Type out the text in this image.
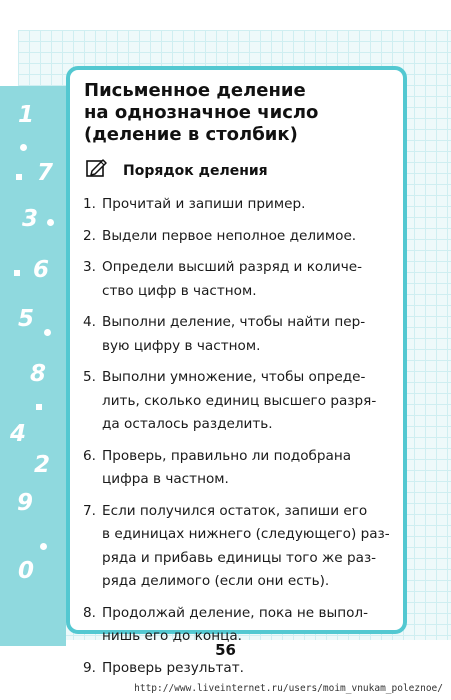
1
7
3
6
5
8
4
2
9
0
Письменное деление
на однозначное число
(деление в столбик)
Порядок деления
1. Прочитай и запиши пример.
2. Выдели первое неполное делимое.
3. Определи высший разряд и количе-
ство цифр в частном.
4. Выполни деление, чтобы найти пер-
вую цифру в частном.
5. Выполни умножение, чтобы опреде-
лить, сколько единиц высшего разря-
да осталось разделить.
6. Проверь, правильно ли подобрана
цифра в частном.
7. Если получился остаток, запиши его
в единицах нижнего (следующего) раз-
ряда и прибавь единицы того же раз-
ряда делимого (если они есть).
8. Продолжай деление, пока не выпол-
нишь его до конца.
9. Проверь результат.
56
http://www.liveinternet.ru/users/moim_vnukam_poleznoe/
